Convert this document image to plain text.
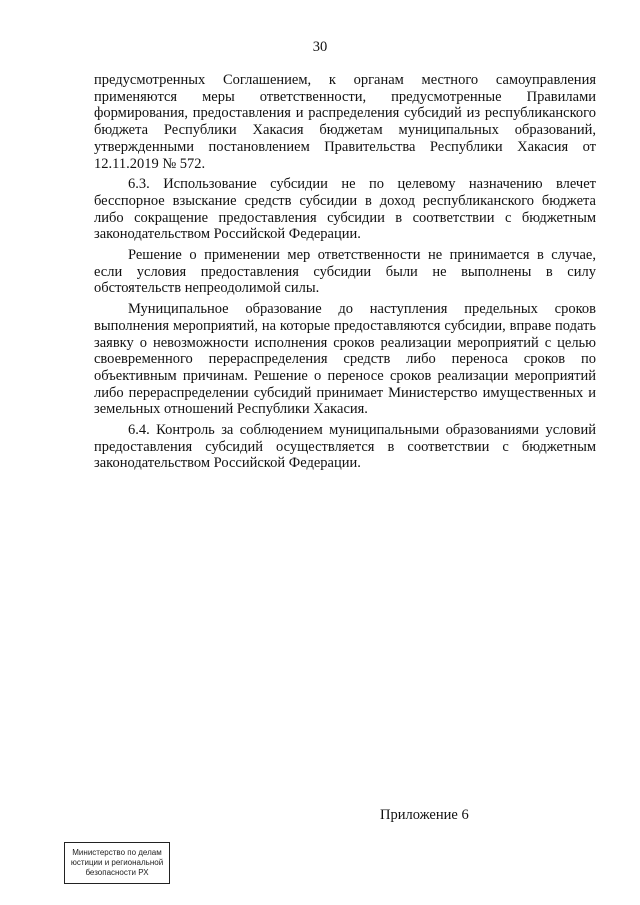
30

предусмотренных Соглашением, к органам местного самоуправления применяются меры ответственности, предусмотренные Правилами формирования, предоставления и распределения субсидий из республиканского бюджета Республики Хакасия бюджетам муниципальных образований, утвержденными постановлением Правительства Республики Хакасия от 12.11.2019 № 572.

6.3. Использование субсидии не по целевому назначению влечет бесспорное взыскание средств субсидии в доход республиканского бюджета либо сокращение предоставления субсидии в соответствии с бюджетным законодательством Российской Федерации.

Решение о применении мер ответственности не принимается в случае, если условия предоставления субсидии были не выполнены в силу обстоятельств непреодолимой силы.

Муниципальное образование до наступления предельных сроков выполнения мероприятий, на которые предоставляются субсидии, вправе подать заявку о невозможности исполнения сроков реализации мероприятий с целью своевременного перераспределения средств либо переноса сроков по объективным причинам. Решение о переносе сроков реализации мероприятий либо перераспределении субсидий принимает Министерство имущественных и земельных отношений Республики Хакасия.

6.4. Контроль за соблюдением муниципальными образованиями условий предоставления субсидий осуществляется в соответствии с бюджетным законодательством Российской Федерации.

Приложение 6
Министерство по делам
юстиции и региональной
безопасности РХ
